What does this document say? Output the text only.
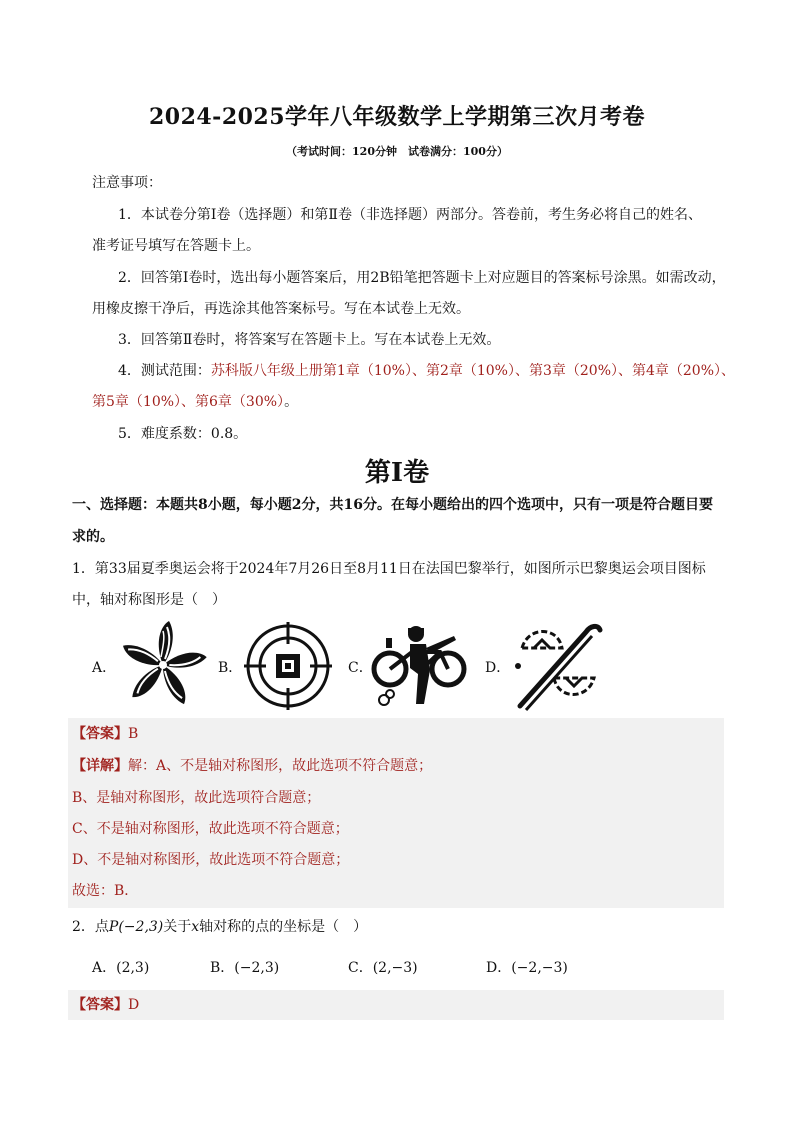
2024-2025学年八年级数学上学期第三次月考卷
（考试时间：120分钟　试卷满分：100分）
注意事项：
1．本试卷分第Ⅰ卷（选择题）和第Ⅱ卷（非选择题）两部分。答卷前，考生务必将自己的姓名、
准考证号填写在答题卡上。
2．回答第Ⅰ卷时，选出每小题答案后，用2B铅笔把答题卡上对应题目的答案标号涂黑。如需改动，
用橡皮擦干净后，再选涂其他答案标号。写在本试卷上无效。
3．回答第Ⅱ卷时，将答案写在答题卡上。写在本试卷上无效。
4．测试范围：苏科版八年级上册第1章（10%）、第2章（10%）、第3章（20%）、第4章（20%）、
第5章（10%）、第6章（30%）。
5．难度系数：0.8。
第Ⅰ卷
一、选择题：本题共8小题，每小题2分，共16分。在每小题给出的四个选项中，只有一项是符合题目要
求的。
1．第33届夏季奥运会将于2024年7月26日至8月11日在法国巴黎举行，如图所示巴黎奥运会项目图标
中，轴对称图形是（　）
A．	B．	C．	D．
【答案】B
【详解】解：A、不是轴对称图形，故此选项不符合题意；
B、是轴对称图形，故此选项符合题意；
C、不是轴对称图形，故此选项不符合题意；
D、不是轴对称图形，故此选项不符合题意；
故选：B．
2．点P(−2,3)关于x轴对称的点的坐标是（　）
A．(2,3)	B．(−2,3)	C．(2,−3)	D．(−2,−3)
【答案】D
